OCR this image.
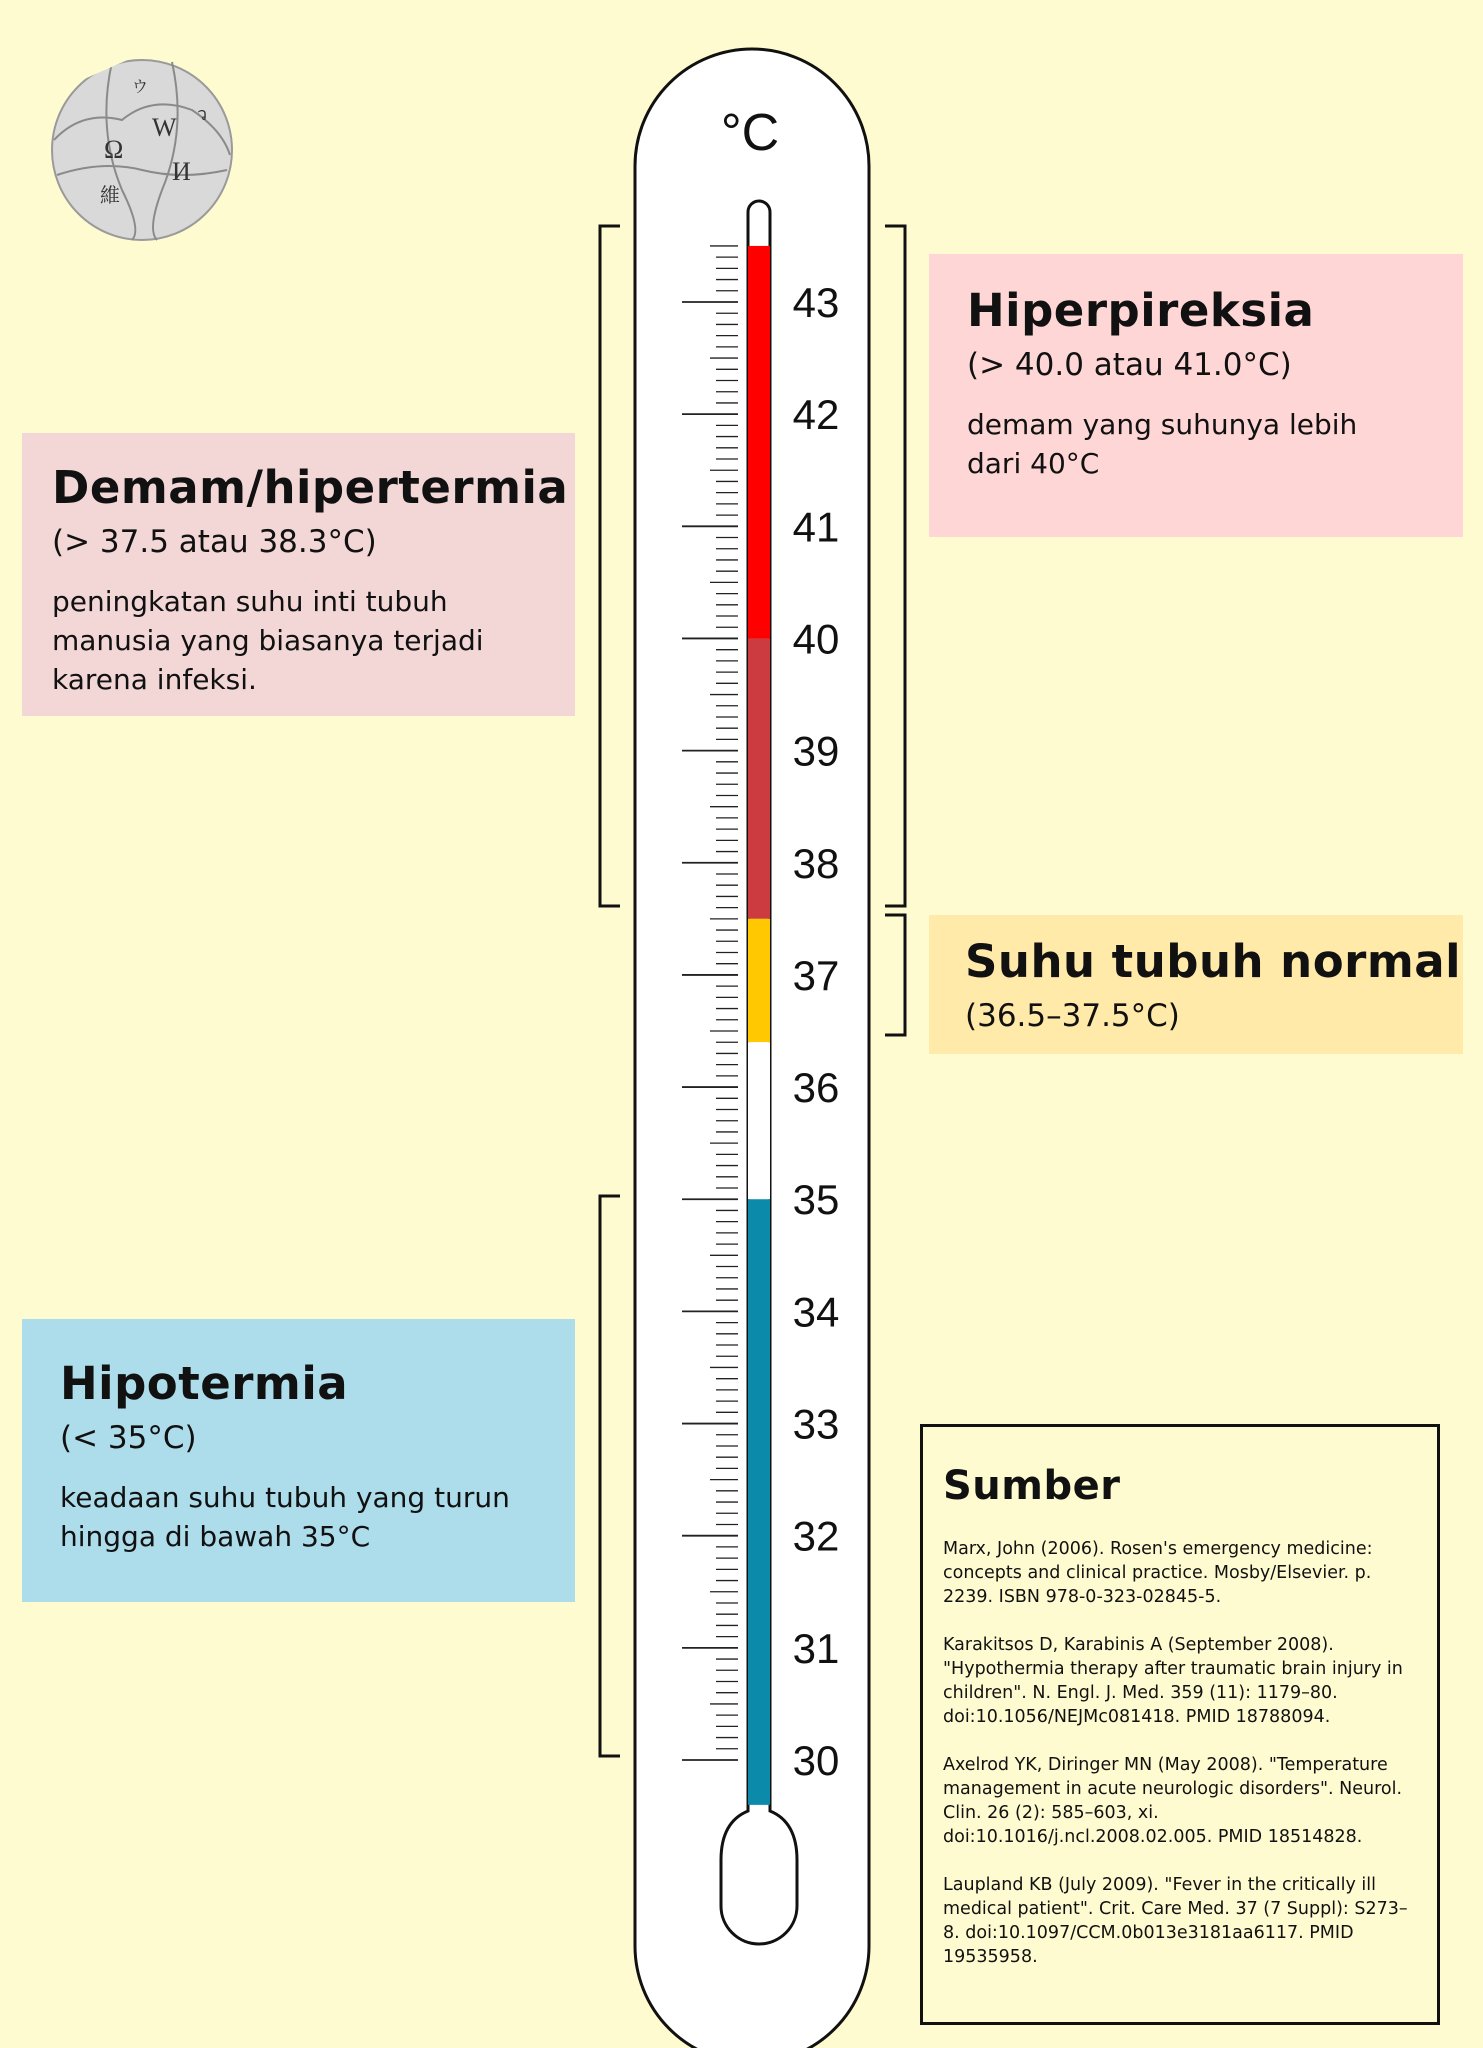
Ω
W
И
維
ウ
ว
43
42
41
40
39
38
37
36
35
34
33
32
31
30
°C
Hiperpireksia
(> 40.0 atau 41.0°C)
demam yang suhunya lebih dari 40°C
Demam/hipertermia
(> 37.5 atau 38.3°C)
peningkatan suhu inti tubuh manusia yang biasanya terjadi karena infeksi.
Suhu tubuh normal
(36.5–37.5°C)
Hipotermia
(< 35°C)
keadaan suhu tubuh yang turun hingga di bawah 35°C
Sumber
Marx, John (2006). Rosen's emergency medicine: concepts and clinical practice. Mosby/Elsevier. p. 2239. ISBN 978-0-323-02845-5.
Karakitsos D, Karabinis A (September 2008). "Hypothermia therapy after traumatic brain injury in children". N. Engl. J. Med. 359 (11): 1179–80. doi:10.1056/NEJMc081418. PMID 18788094.
Axelrod YK, Diringer MN (May 2008). "Temperature management in acute neurologic disorders". Neurol. Clin. 26 (2): 585–603, xi. doi:10.1016/j.ncl.2008.02.005. PMID 18514828.
Laupland KB (July 2009). "Fever in the critically ill medical patient". Crit. Care Med. 37 (7 Suppl): S273–8. doi:10.1097/CCM.0b013e3181aa6117. PMID 19535958.
